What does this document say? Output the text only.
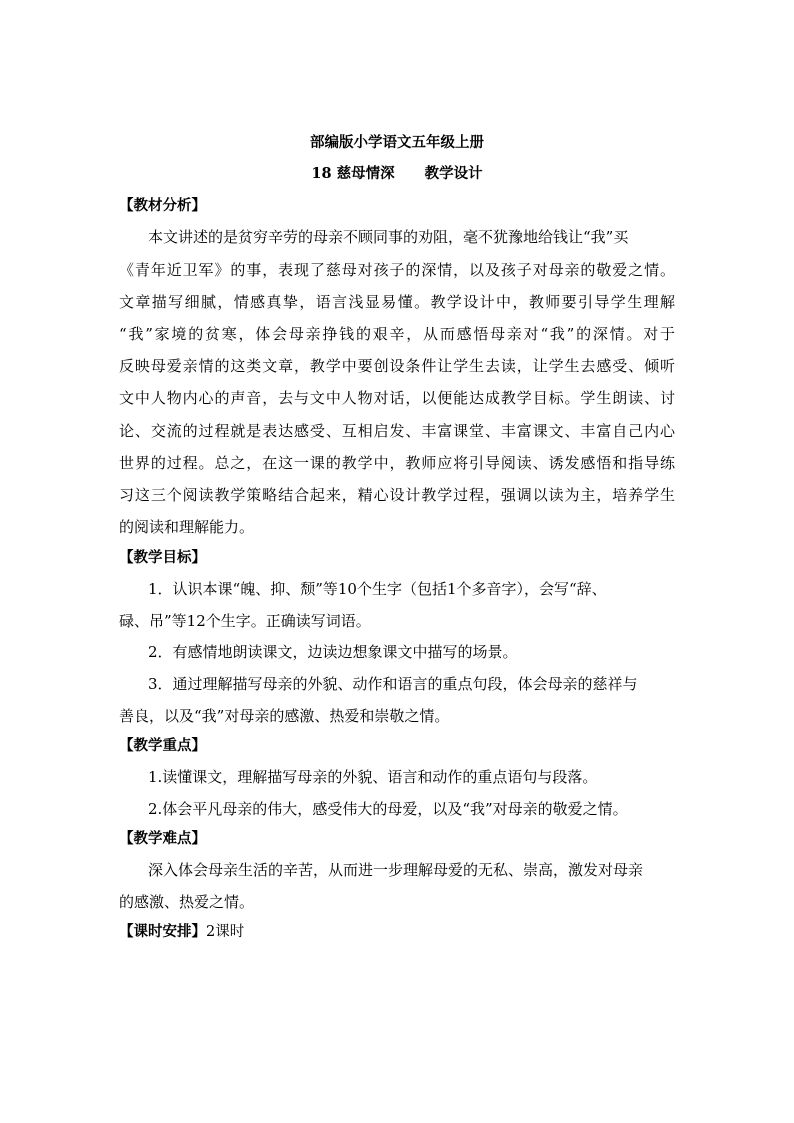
部编版小学语文五年级上册
18 慈母情深 教学设计
【教材分析】
本文讲述的是贫穷辛劳的母亲不顾同事的劝阻，毫不犹豫地给钱让“我”买
《青年近卫军》的事，表现了慈母对孩子的深情，以及孩子对母亲的敬爱之情。
文章描写细腻，情感真挚，语言浅显易懂。教学设计中，教师要引导学生理解
“我”家境的贫寒，体会母亲挣钱的艰辛，从而感悟母亲对“我”的深情。对于
反映母爱亲情的这类文章，教学中要创设条件让学生去读，让学生去感受、倾听
文中人物内心的声音，去与文中人物对话，以便能达成教学目标。学生朗读、讨
论、交流的过程就是表达感受、互相启发、丰富课堂、丰富课文、丰富自己内心
世界的过程。总之，在这一课的教学中，教师应将引导阅读、诱发感悟和指导练
习这三个阅读教学策略结合起来，精心设计教学过程，强调以读为主，培养学生
的阅读和理解能力。
【教学目标】
1．认识本课“魄、抑、颓”等10个生字（包括1个多音字），会写“辞、
碌、吊”等12个生字。正确读写词语。
2．有感情地朗读课文，边读边想象课文中描写的场景。
3．通过理解描写母亲的外貌、动作和语言的重点句段，体会母亲的慈祥与
善良，以及“我”对母亲的感激、热爱和崇敬之情。
【教学重点】
1.读懂课文，理解描写母亲的外貌、语言和动作的重点语句与段落。
2.体会平凡母亲的伟大，感受伟大的母爱，以及“我”对母亲的敬爱之情。
【教学难点】
深入体会母亲生活的辛苦，从而进一步理解母爱的无私、崇高，激发对母亲
的感激、热爱之情。
【课时安排】2课时
